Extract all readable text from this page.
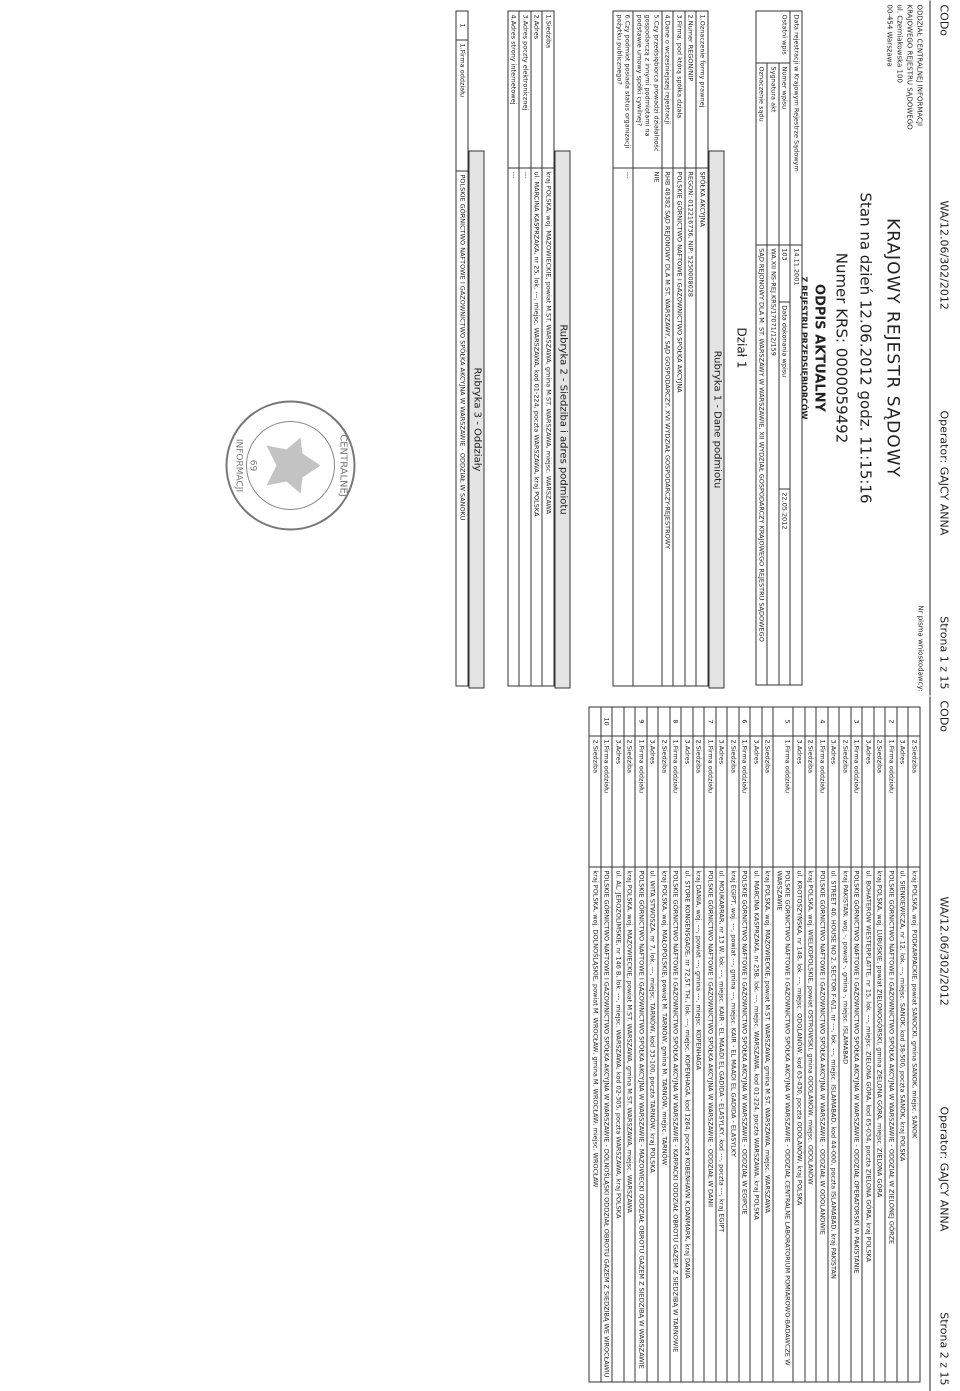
CODo
WA/12.06/302/2012
Operator: GAJCY ANNA
Strona 1 z 15
ODDZIAŁ CENTRALNEJ INFORMACJI
KRAJOWEGO REJESTRU SĄDOWEGO
ul. Czerniakowska 100
00-454 Warszawa
Nr pisma wnioskodawcy:
KRAJOWY REJESTR SĄDOWY
Stan na dzień 12.06.2012 godz. 11:15:16
Numer KRS: 0000059492
ODPIS AKTUALNY
Z REJESTRU PRZEDSIĘBIORCÓW
Data rejestracji w Krajowym Rejestrze Sądowym		14.11.2001		
Ostatni wpis	Numer wpisu	103	Data dokonania wpisu	22.05.2012
	Sygnatura akt	WA.XII NS-REJ.KRS/17071/12/159		
	Oznaczenie sądu	SĄD REJONOWY DLA M. ST. WARSZAWY W WARSZAWIE, XII WYDZIAŁ GOSPODARCZY KRAJOWEGO REJESTRU SĄDOWEGO		
Dział 1
Rubryka 1 - Dane podmiotu
1.Oznaczenie formy prawnej	SPÓŁKA AKCYJNA
2.Numer REGON/NIP	REGON: 012216736, NIP: 5250008028
3.Firma, pod którą spółka działa	POLSKIE GÓRNICTWO NAFTOWE I GAZOWNICTWO SPÓŁKA AKCYJNA
4.Dane o wcześniejszej rejestracji	RHB 48382 SĄD REJONOWY DLA M.ST. WARSZAWY, SĄD GOSPODARCZY, XVI WYDZIAŁ GOSPODARCZY-REJESTROWY
5.Czy przedsiębiorca prowadzi działalność gospodarczą z innymi podmiotami na podstawie umowy spółki cywilnej?	NIE
6.Czy podmiot posiada status organizacji pożytku publicznego?	---
Rubryka 2 - Siedziba i adres podmiotu
1.Siedziba	kraj POLSKA, woj. MAZOWIECKIE, powiat M.ST. WARSZAWA, gmina M.ST. WARSZAWA, miejsc. WARSZAWA
2.Adres	ul. MARCINA KASPRZAKA, nr 25, lok. ---, miejsc. WARSZAWA, kod 01-224, poczta WARSZAWA, kraj POLSKA
3.Adres poczty elektronicznej	---
4.Adres strony internetowej	---
Rubryka 3 - Oddziały
1	1.Firma oddziału	POLSKIE GÓRNICTWO NAFTOWE I GAZOWNICTWO SPÓŁKA AKCYJNA W WARSZAWIE - ODDZIAŁ W SANOKU
CENTRALNEJ
INFORMACJI 69
CODo
WA/12.06/302/2012
Operator: GAJCY ANNA
Strona 2 z 15
	2.Siedziba	kraj POLSKA, woj. PODKARPACKIE, powiat SANOCKI, gmina SANOK, miejsc. SANOK
	3.Adres	ul. SIENKIEWICZA, nr 12, lok. ---, miejsc. SANOK, kod 38-500, poczta SANOK, kraj POLSKA
2	1.Firma oddziału	POLSKIE GÓRNICTWO NAFTOWE I GAZOWNICTWO SPÓŁKA AKCYJNA W WARSZAWIE - ODDZIAŁ W ZIELONEJ GÓRZE
	2.Siedziba	kraj POLSKA, woj. LUBUSKIE, powiat ZIELONOGÓRSKI, gmina ZIELONA GÓRA, miejsc. ZIELONA GÓRA
	3.Adres	ul. BOHATERÓW WESTERPLATTE, nr 15, lok. ---, miejsc. ZIELONA GÓRA, kod 65-034, poczta ZIELONA GÓRA, kraj POLSKA
3	1.Firma oddziału	POLSKIE GÓRNICTWO NAFTOWE I GAZOWNICTWO SPÓŁKA AKCYJNA W WARSZAWIE - ODDZIAŁ OPERATORSKI W PAKISTANIE
	2.Siedziba	kraj PAKISTAN, woj. -, powiat -, gmina -, miejsc. ISLAMABAD
	3.Adres	ul. STREET 40, HOUSE NO 2, SECTOR F-6/1, nr ---, lok. ---, miejsc. ISLAMABAD, kod 44-000, poczta ISLAMABAD, kraj PAKISTAN
4	1.Firma oddziału	POLSKIE GÓRNICTWO NAFTOWE I GAZOWNICTWO SPÓŁKA AKCYJNA W WARSZAWIE - ODDZIAŁ W ODOLANOWIE
	2.Siedziba	kraj POLSKA, woj. WIELKOPOLSKIE, powiat OSTROWSKI, gmina ODOLANÓW, miejsc. ODOLANÓW
	3.Adres	ul. KROTOSZYŃSKA, nr 148, lok. ---, miejsc. ODOLANÓW, kod 63-430, poczta ODOLANÓW, kraj POLSKA
5	1.Firma oddziału	POLSKIE GÓRNICTWO NAFTOWE I GAZOWNICTWO SPÓŁKA AKCYJNA W WARSZAWIE - ODDZIAŁ CENTRALNE LABORATORIUM POMIAROWO-BADAWCZE W WARSZAWIE
	2.Siedziba	kraj POLSKA, woj. MAZOWIECKIE, powiat M.ST. WARSZAWA, gmina M.ST. WARSZAWA, miejsc. WARSZAWA
	3.Adres	ul. MARCINA KASPRZAKA, nr 25B, lok. ---, miejsc. WARSZAWA, kod 01-224, poczta WARSZAWA, kraj POLSKA
6	1.Firma oddziału	POLSKIE GÓRNICTWO NAFTOWE I GAZOWNICTWO SPÓŁKA AKCYJNA W WARSZAWIE - ODDZIAŁ W EGIPCIE
	2.Siedziba	kraj EGIPT, woj. ---, powiat ---, gmina ---, miejsc. KAIR - EL MAADI EL GADIDA - ELASYLKY
	3.Adres	ul. MOUKARRAR, nr 13 W, lok. ---, miejsc. KAIR - EL MAADI EL GADIDA - ELASYLKY, kod ---, poczta ---, kraj EGIPT
7	1.Firma oddziału	POLSKIE GÓRNICTWO NAFTOWE I GAZOWNICTWO SPÓŁKA AKCYJNA W WARSZAWIE - ODDZIAŁ W DANII
	2.Siedziba	kraj DANIA, woj. ---, powiat ---, gmina ---, miejsc. KOPENHAGA
	3.Adres	ul. STORE KONGENSGADE, nr 72,ST. TH., lok. ---, miejsc. KOPENHAGA, kod 1264, poczta KOBENHAVN K,DANMARK, kraj DANIA
8	1.Firma oddziału	POLSKIE GÓRNICTWO NAFTOWE I GAZOWNICTWO SPÓŁKA AKCYJNA W WARSZAWIE - KARPACKI ODDZIAŁ OBROTU GAZEM Z SIEDZIBĄ W TARNOWIE
	2.Siedziba	kraj POLSKA, woj. MAŁOPOLSKIE, powiat M. TARNÓW, gmina M. TARNÓW, miejsc. TARNÓW
	3.Adres	ul. WITA STWOSZA, nr 7, lok. ---, miejsc. TARNÓW, kod 33-100, poczta TARNÓW, kraj POLSKA
9	1.Firma oddziału	POLSKIE GÓRNICTWO NAFTOWE I GAZOWNICTWO SPÓŁKA AKCYJNA W WARSZAWIE - MAZOWIECKI ODDZIAŁ OBROTU GAZEM Z SIEDZIBĄ W WARSZAWIE
	2.Siedziba	kraj POLSKA, woj. MAZOWIECKIE, powiat M.ST. WARSZAWA, gmina M.ST. WARSZAWA, miejsc. WARSZAWA
	3.Adres	ul. AL. JEROZOLIMSKIE, nr 146 B, lok. ---, miejsc. WARSZAWA, kod 02-305, poczta WARSZAWA, kraj POLSKA
10	1.Firma oddziału	POLSKIE GÓRNICTWO NAFTOWE I GAZOWNICTWO SPÓŁKA AKCYJNA W WARSZAWIE - DOLNOŚLĄSKI ODDZIAŁ OBROTU GAZEM Z SIEDZIBĄ WE WROCŁAWIU
	2.Siedziba	kraj POLSKA, woj. DOLNOŚLĄSKIE, powiat M. WROCŁAW, gmina M. WROCŁAW, miejsc. WROCŁAW
